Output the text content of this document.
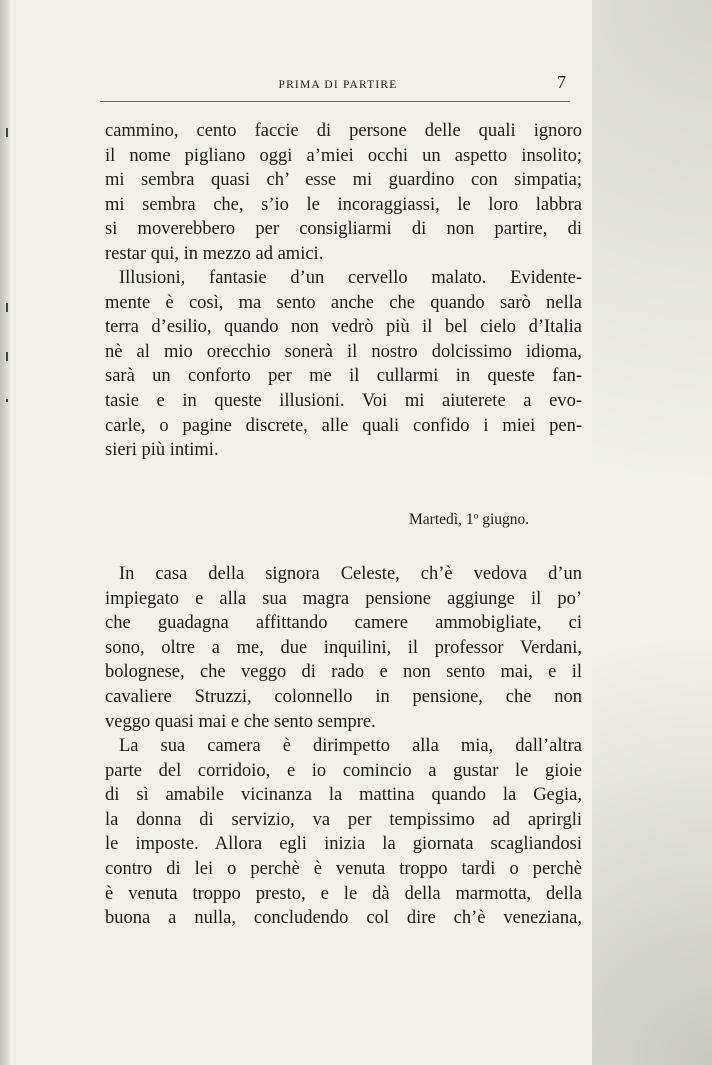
PRIMA DI PARTIRE	7
cammino, cento faccie di persone delle quali ignoro
il nome pigliano oggi a’miei occhi un aspetto insolito;
mi sembra quasi ch’ esse mi guardino con simpatia;
mi sembra che, s’io le incoraggiassi, le loro labbra
si moverebbero per consigliarmi di non partire, di
restar qui, in mezzo ad amici.
Illusioni, fantasie d’un cervello malato. Evidente-
mente è così, ma sento anche che quando sarò nella
terra d’esilio, quando non vedrò più il bel cielo d’Italia
nè al mio orecchio sonerà il nostro dolcissimo idioma,
sarà un conforto per me il cullarmi in queste fan-
tasie e in queste illusioni. Voi mi aiuterete a evo-
carle, o pagine discrete, alle quali confido i miei pen-
sieri più intimi.
Martedì, 1º giugno.
In casa della signora Celeste, ch’è vedova d’un
impiegato e alla sua magra pensione aggiunge il po’
che guadagna affittando camere ammobigliate, ci
sono, oltre a me, due inquilini, il professor Verdani,
bolognese, che veggo di rado e non sento mai, e il
cavaliere Struzzi, colonnello in pensione, che non
veggo quasi mai e che sento sempre.
La sua camera è dirimpetto alla mia, dall’altra
parte del corridoio, e io comincio a gustar le gioie
di sì amabile vicinanza la mattina quando la Gegia,
la donna di servizio, va per tempissimo ad aprirgli
le imposte. Allora egli inizia la giornata scagliandosi
contro di lei o perchè è venuta troppo tardi o perchè
è venuta troppo presto, e le dà della marmotta, della
buona a nulla, concludendo col dire ch’è veneziana,
